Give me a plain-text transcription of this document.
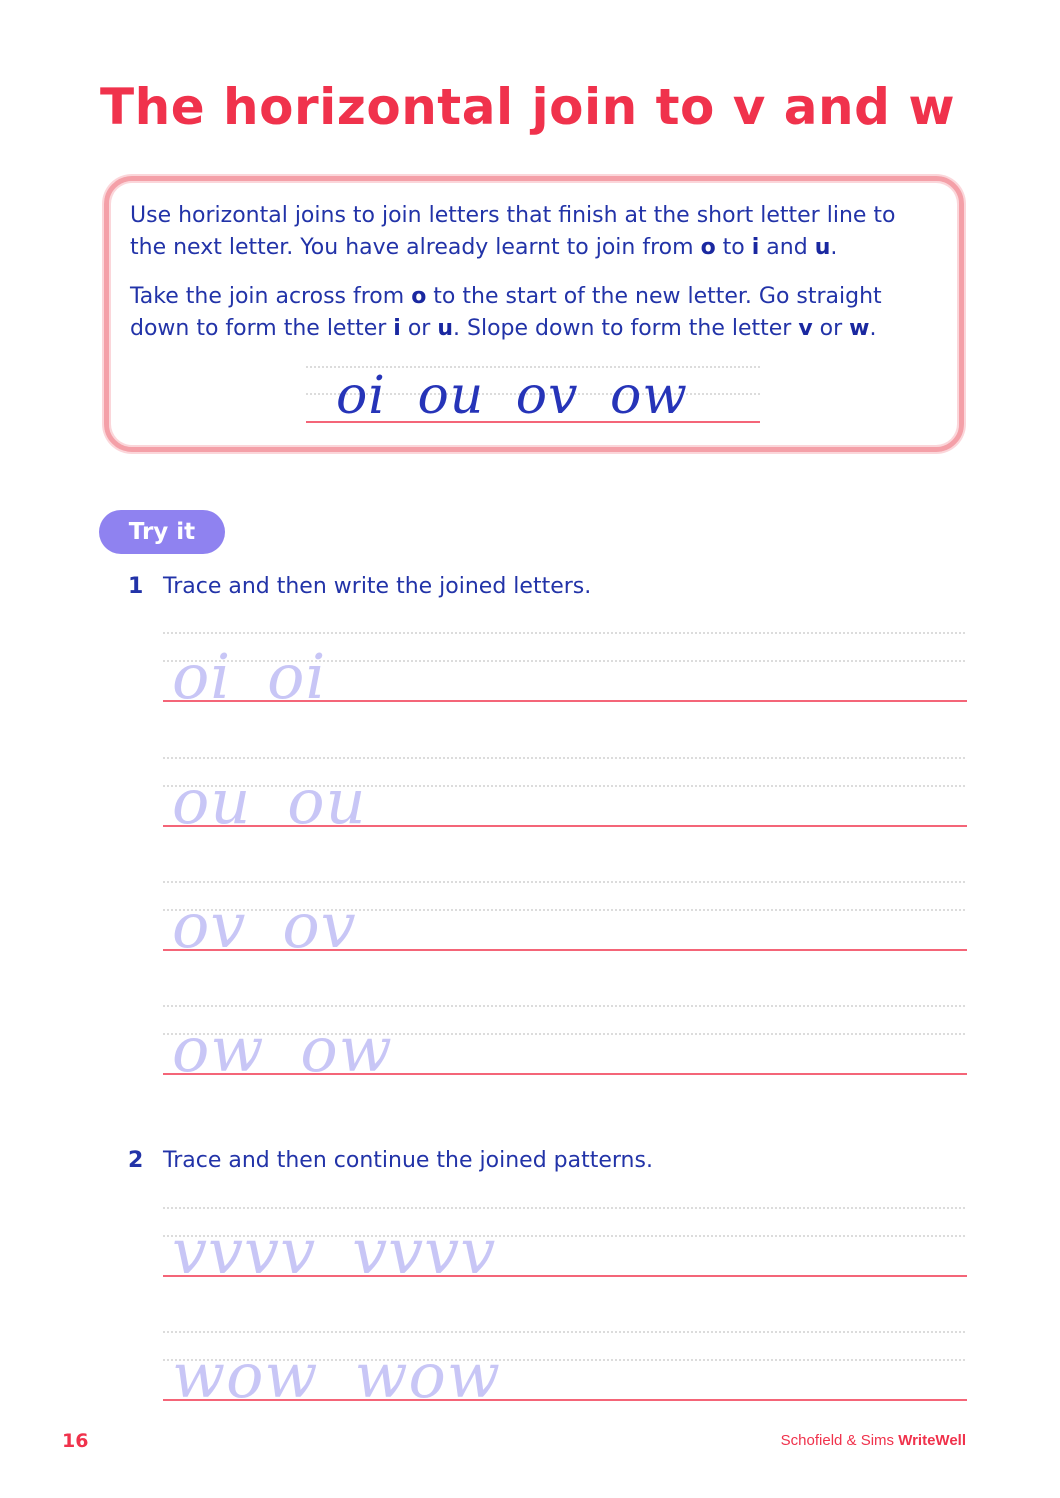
The horizontal join to v and w

Use horizontal joins to join letters that finish at the short letter line to the next letter. You have already learnt to join from o to i and u.

Take the join across from o to the start of the new letter. Go straight down to form the letter i or u. Slope down to form the letter v or w.

oi ou ov ow
Try it
1 Trace and then write the joined letters.
2 Trace and then continue the joined patterns.
oi oi
ou ou
ov ov
ow ow
vvvv vvvv
wow wow
16	Schofield & Sims WriteWell
